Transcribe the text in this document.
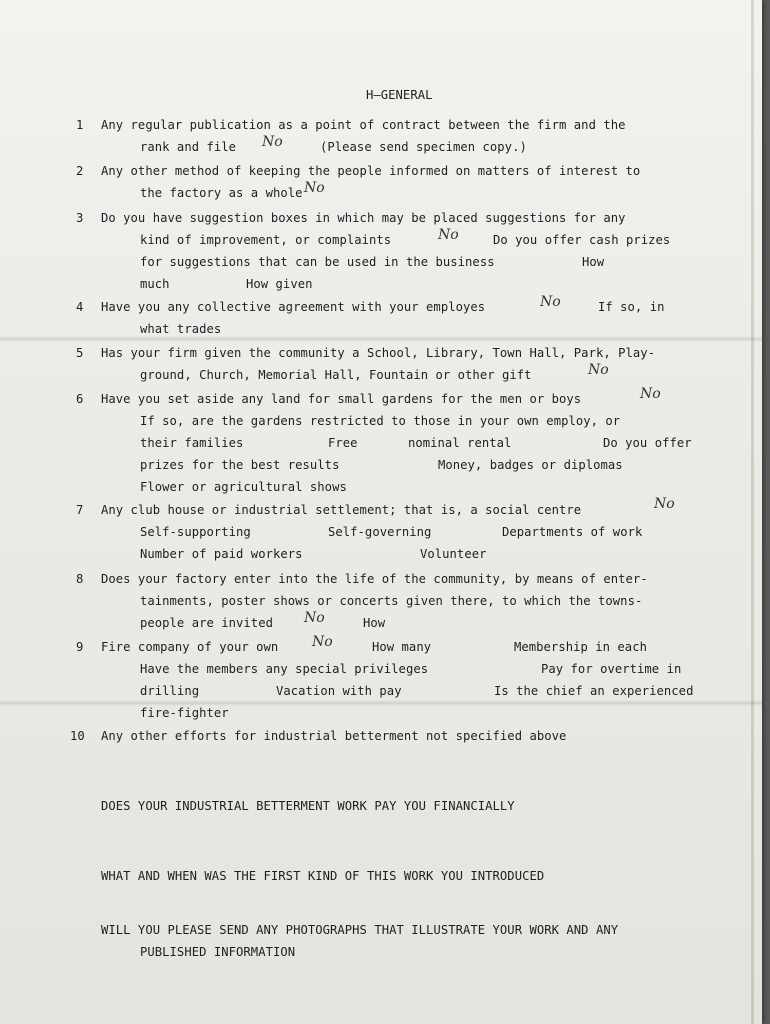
H—GENERAL
1 Any regular publication as a point of contract between the firm and the
rank and file No	(Please send specimen copy.)
2 Any other method of keeping the people informed on matters of interest to
the factory as a whole No
3 Do you have suggestion boxes in which may be placed suggestions for any
kind of improvement, or complaints	No	Do you offer cash prizes
for suggestions that can be used in the business	How
much	How given
4 Have you any collective agreement with your employes	No	If so, in
what trades
5 Has your firm given the community a School, Library, Town Hall, Park, Play-
ground, Church, Memorial Hall, Fountain or other gift	No
6 Have you set aside any land for small gardens for the men or boys	No
If so, are the gardens restricted to those in your own employ, or
their families	Free	nominal rental	Do you offer
prizes for the best results	Money, badges or diplomas
Flower or agricultural shows
7 Any club house or industrial settlement; that is, a social centre	No
Self-supporting	Self-governing	Departments of work
Number of paid workers	Volunteer
8 Does your factory enter into the life of the community, by means of enter-
tainments, poster shows or concerts given there, to which the towns-
people are invited No	How
9 Fire company of your own No	How many	Membership in each
Have the members any special privileges	Pay for overtime in
drilling	Vacation with pay	Is the chief an experienced
fire-fighter
10 Any other efforts for industrial betterment not specified above
DOES YOUR INDUSTRIAL BETTERMENT WORK PAY YOU FINANCIALLY
WHAT AND WHEN WAS THE FIRST KIND OF THIS WORK YOU INTRODUCED
WILL YOU PLEASE SEND ANY PHOTOGRAPHS THAT ILLUSTRATE YOUR WORK AND ANY
PUBLISHED INFORMATION
